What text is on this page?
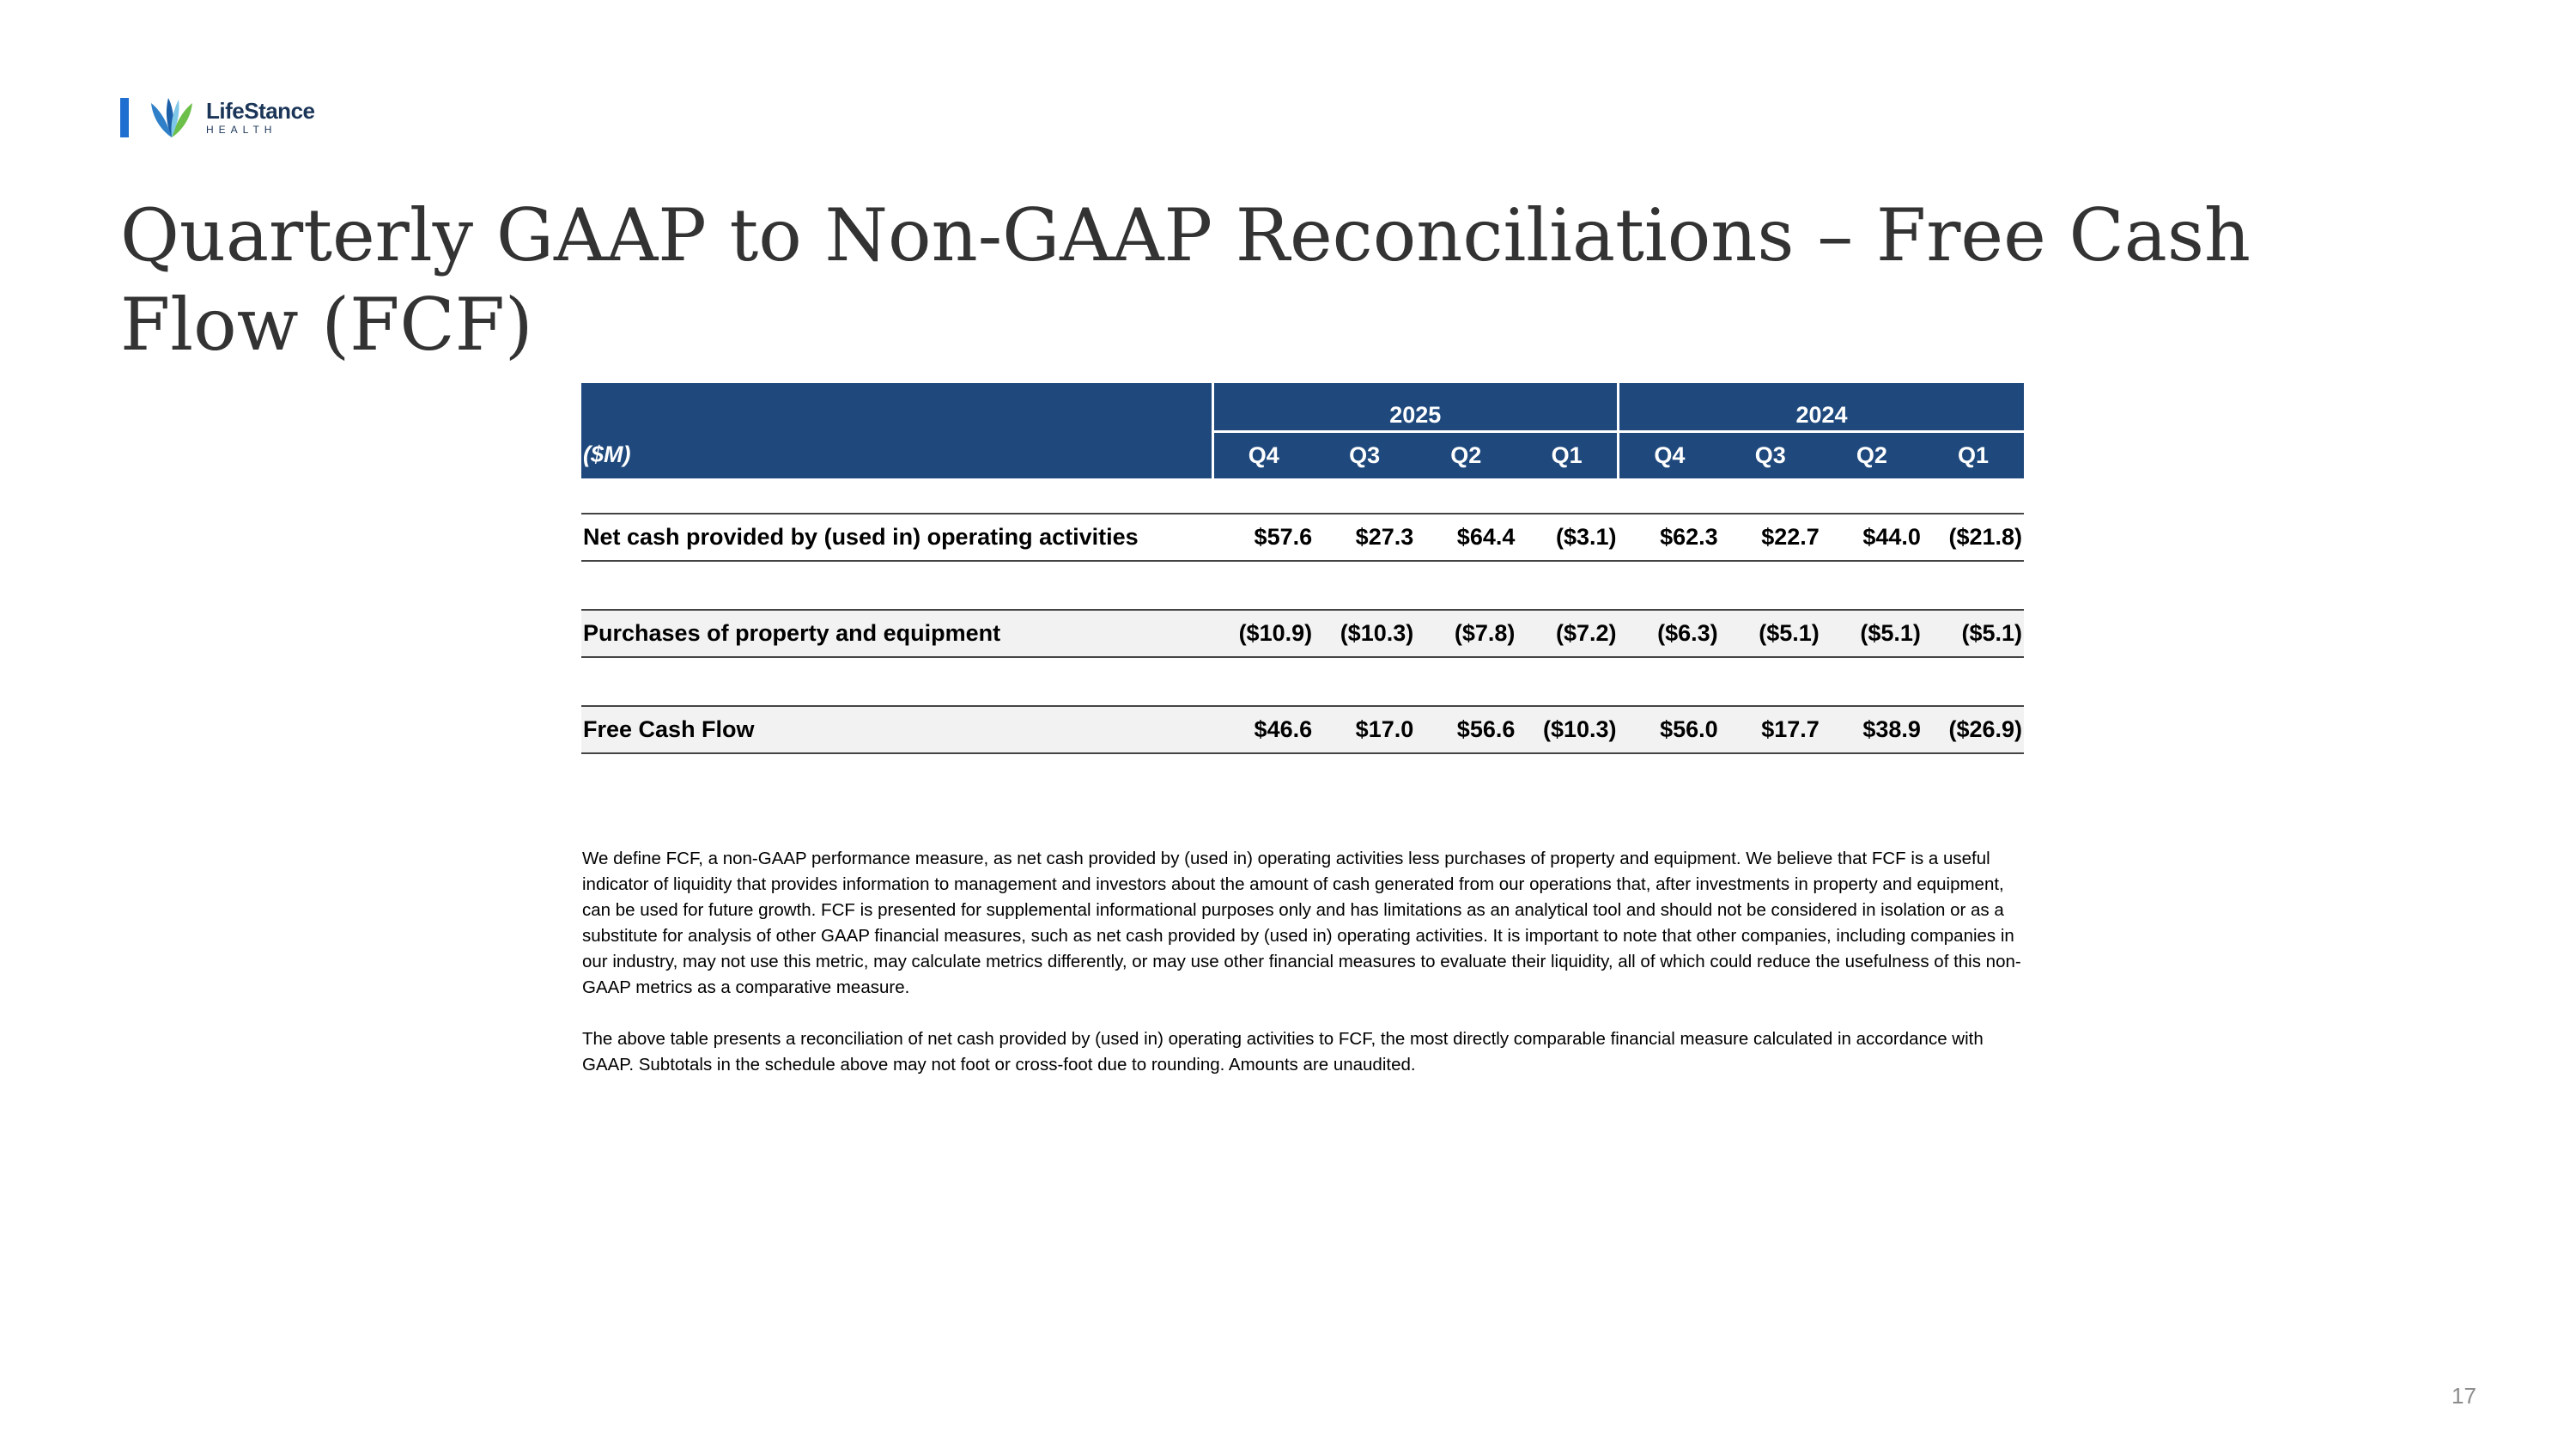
LifeStance
HEALTH
Quarterly GAAP to Non-GAAP Reconciliations – Free Cash Flow (FCF)
	2025				2024			
($M)	Q4	Q3	Q2	Q1	Q4	Q3	Q2	Q1

Net cash provided by (used in) operating activities	$57.6	$27.3	$64.4	($3.1)	$62.3	$22.7	$44.0	($21.8)

Purchases of property and equipment	($10.9)	($10.3)	($7.8)	($7.2)	($6.3)	($5.1)	($5.1)	($5.1)

Free Cash Flow	$46.6	$17.0	$56.6	($10.3)	$56.0	$17.7	$38.9	($26.9)

We define FCF, a non-GAAP performance measure, as net cash provided by (used in) operating activities less purchases of property and equipment. We believe that FCF is a useful indicator of liquidity that provides information to management and investors about the amount of cash generated from our operations that, after investments in property and equipment, can be used for future growth. FCF is presented for supplemental informational purposes only and has limitations as an analytical tool and should not be considered in isolation or as a substitute for analysis of other GAAP financial measures, such as net cash provided by (used in) operating activities. It is important to note that other companies, including companies in our industry, may not use this metric, may calculate metrics differently, or may use other financial measures to evaluate their liquidity, all of which could reduce the usefulness of this non-GAAP metrics as a comparative measure.

The above table presents a reconciliation of net cash provided by (used in) operating activities to FCF, the most directly comparable financial measure calculated in accordance with GAAP. Subtotals in the schedule above may not foot or cross-foot due to rounding. Amounts are unaudited.

17
